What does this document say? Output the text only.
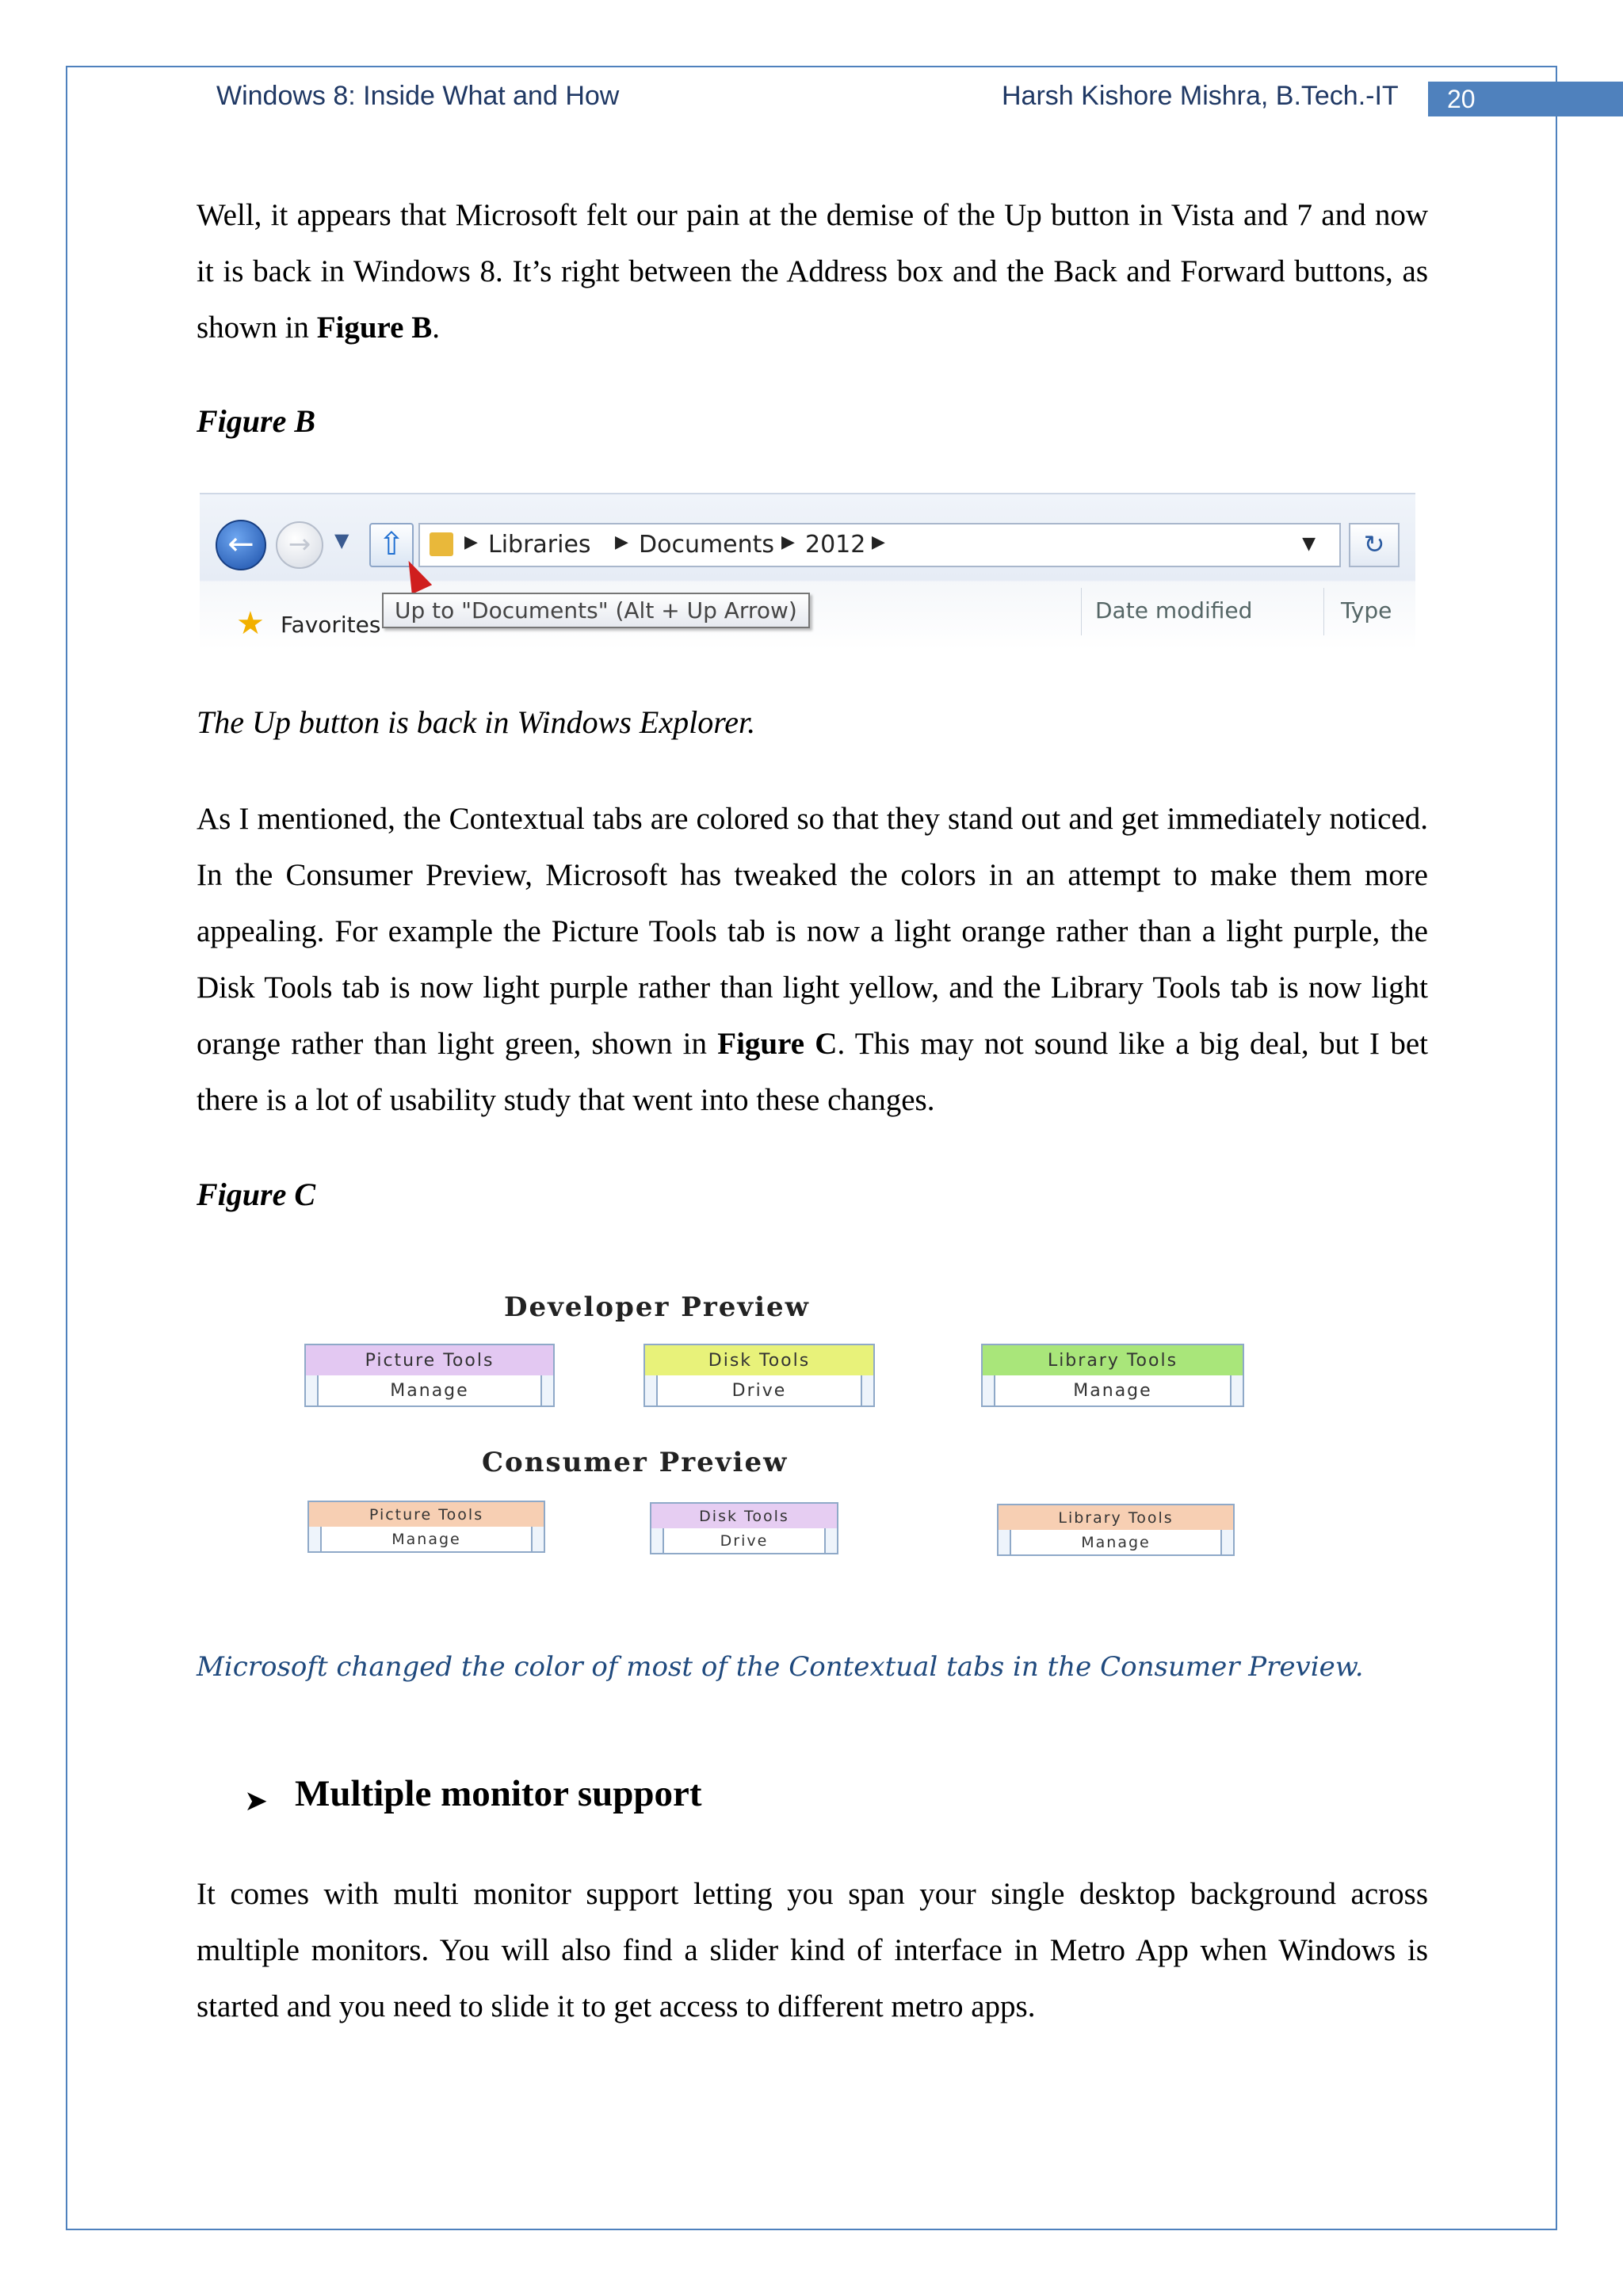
Windows 8: Inside What and How	Harsh Kishore Mishra, B.Tech.-IT	20

Well, it appears that Microsoft felt our pain at the demise of the Up button in Vista and 7 and now it is back in Windows 8. It’s right between the Address box and the Back and Forward buttons, as shown in Figure B.

Figure B
←	→	▼ ⇧	▶ Libraries ▶ Documents ▶ 2012 ▶	▼	↻
★ Favorites
Up to "Documents" (Alt + Up Arrow)	Date modified	Type
The Up button is back in Windows Explorer.

As I mentioned, the Contextual tabs are colored so that they stand out and get immediately noticed. In the Consumer Preview, Microsoft has tweaked the colors in an attempt to make them more appealing. For example the Picture Tools tab is now a light orange rather than a light purple, the Disk Tools tab is now light purple rather than light yellow, and the Library Tools tab is now light orange rather than light green, shown in Figure C. This may not sound like a big deal, but I bet there is a lot of usability study that went into these changes.

Figure C
Developer Preview
Picture Tools
Manage
Disk Tools
Drive
Library Tools
Manage
Consumer Preview
Picture Tools
Manage
Disk Tools
Drive
Library Tools
Manage
Microsoft changed the color of most of the Contextual tabs in the Consumer Preview.
➤ Multiple monitor support

It comes with multi monitor support letting you span your single desktop background across multiple monitors. You will also find a slider kind of interface in Metro App when Windows is started and you need to slide it to get access to different metro apps.
